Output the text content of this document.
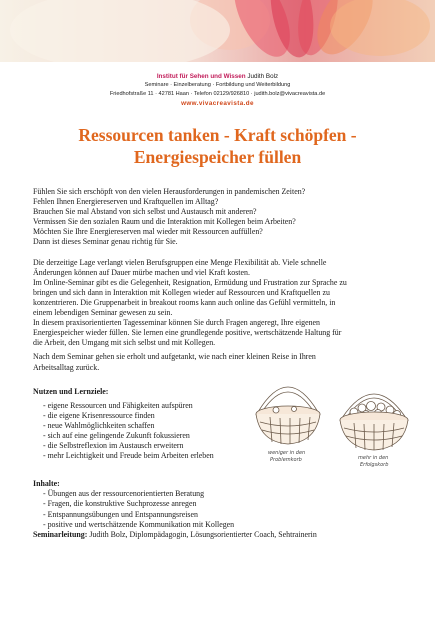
Institut für Sehen und Wissen Judith Bolz
Seminare · Einzelberatung · Fortbildung und Weiterbildung
Friedhofstraße 11 · 42781 Haan · Telefon 02129/926810 · judith.bolz@vivacreavista.de
www.vivacreavista.de
Ressourcen tanken - Kraft schöpfen -
Energiespeicher füllen
Fühlen Sie sich erschöpft von den vielen Herausforderungen in pandemischen Zeiten?
Fehlen Ihnen Energiereserven und Kraftquellen im Alltag?
Brauchen Sie mal Abstand von sich selbst und Austausch mit anderen?
Vermissen Sie den sozialen Raum und die Interaktion mit Kollegen beim Arbeiten?
Möchten Sie Ihre Energiereserven mal wieder mit Ressourcen auffüllen?
Dann ist dieses Seminar genau richtig für Sie.
Die derzeitige Lage verlangt vielen Berufsgruppen eine Menge Flexibilität ab. Viele schnelle
Änderungen können auf Dauer mürbe machen und viel Kraft kosten.
Im Online-Seminar gibt es die Gelegenheit, Resignation, Ermüdung und Frustration zur Sprache zu
bringen und sich dann in Interaktion mit Kollegen wieder auf Ressourcen und Kraftquellen zu
konzentrieren. Die Gruppenarbeit in breakout rooms kann auch online das Gefühl vermitteln, in
einem lebendigen Seminar gewesen zu sein.
In diesem praxisorientierten Tagesseminar können Sie durch Fragen angeregt, Ihre eigenen
Energiespeicher wieder füllen. Sie lernen eine grundlegende positive, wertschätzende Haltung für
die Arbeit, den Umgang mit sich selbst und mit Kollegen.
Nach dem Seminar gehen sie erholt und aufgetankt, wie nach einer kleinen Reise in Ihren
Arbeitsalltag zurück.
Nutzen und Lernziele:
- eigene Ressourcen und Fähigkeiten aufspüren
- die eigene Krisenressource finden
- neue Wahlmöglichkeiten schaffen
- sich auf eine gelingende Zukunft fokussieren
- die Selbstreflexion im Austausch erweitern
- mehr Leichtigkeit und Freude beim Arbeiten erleben
Inhalte:
- Übungen aus der ressourcenorientierten Beratung
- Fragen, die konstruktive Suchprozesse anregen
- Entspannungsübungen und Entspannungsreisen
- positive und wertschätzende Kommunikation mit Kollegen
Seminarleitung: Judith Bolz, Diplompädagogin, Lösungsorientierter Coach, Sehtrainerin
weniger in den
Problemkorb	mehr in den
Erfolgskorb
